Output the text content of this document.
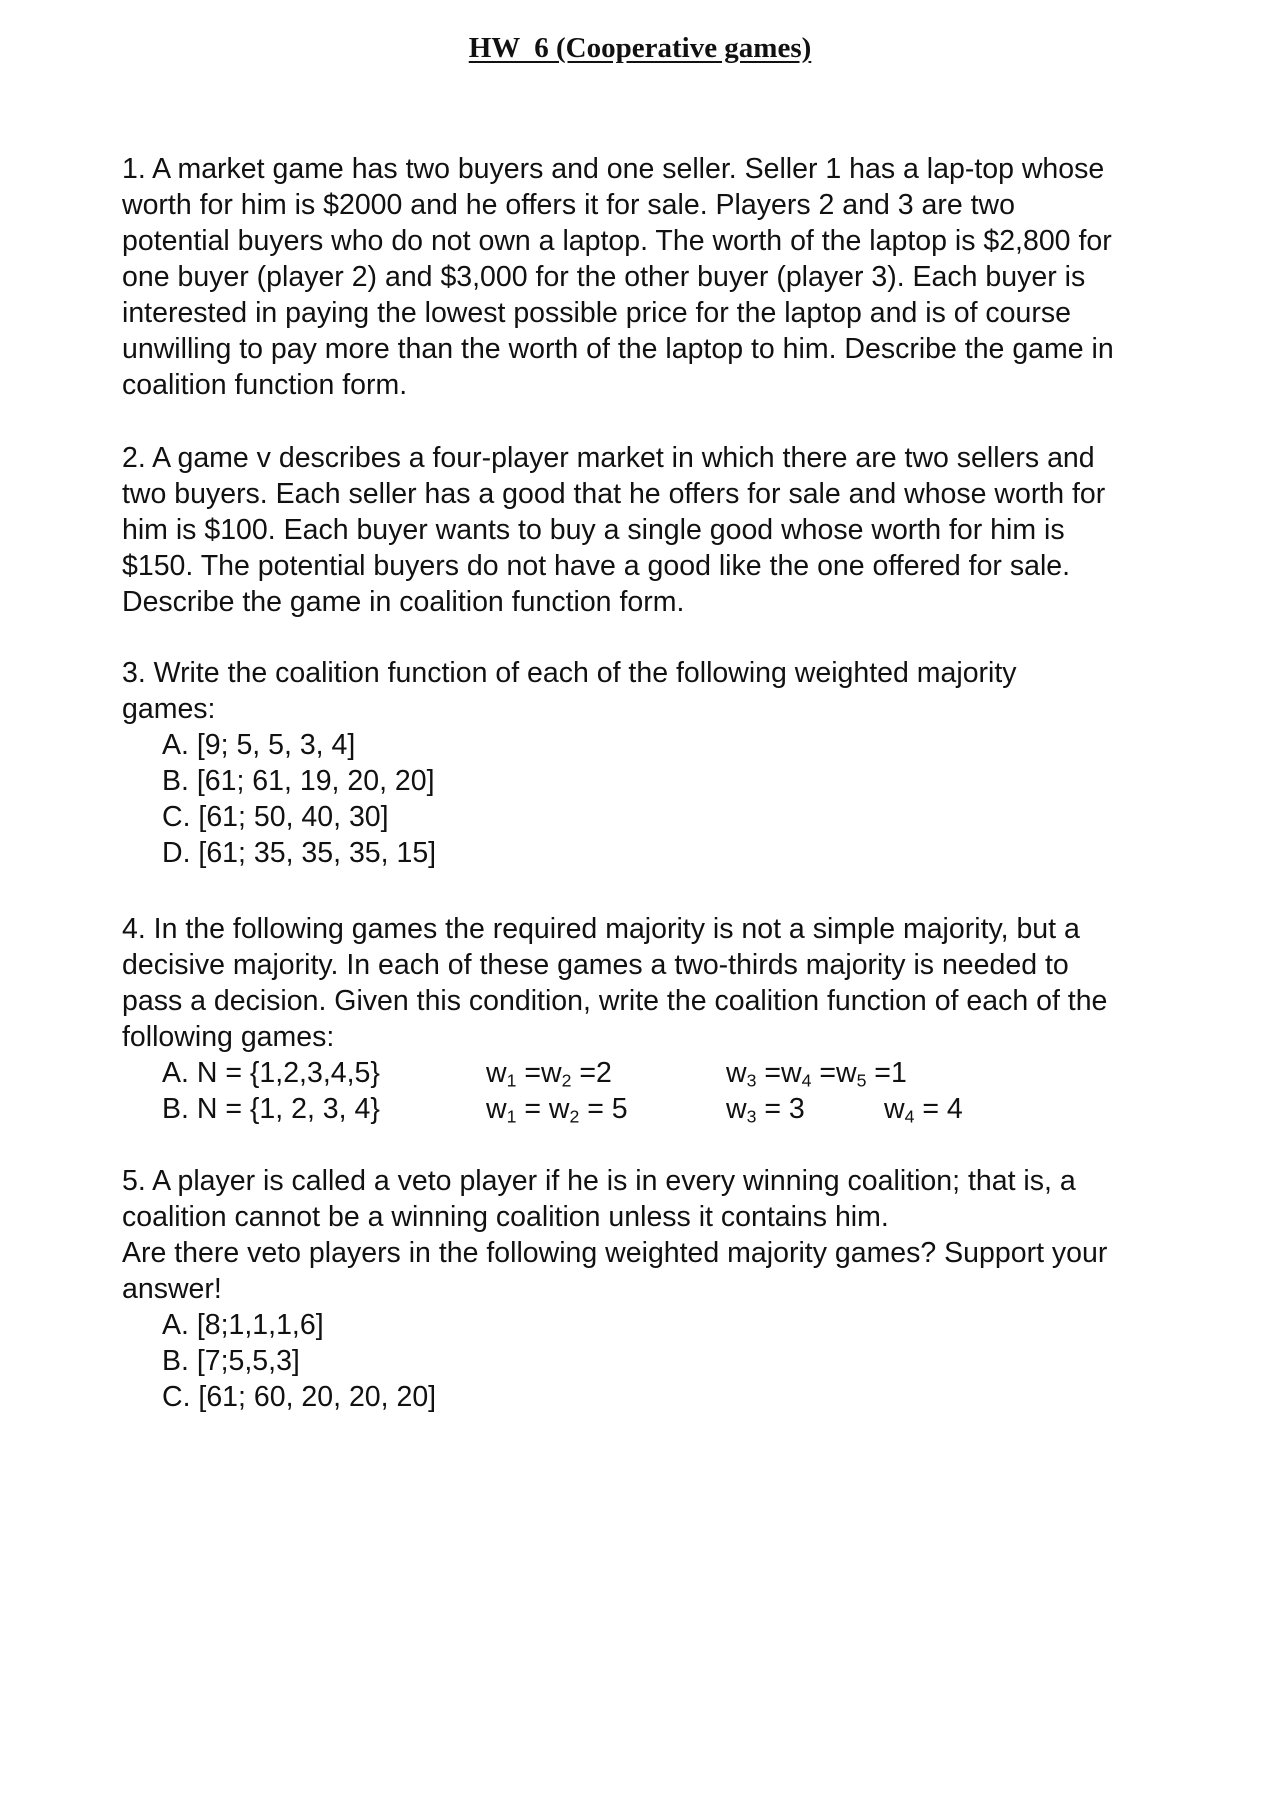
HW  6 (Cooperative games)
1. A market game has two buyers and one seller. Seller 1 has a lap-top whose
worth for him is $2000 and he offers it for sale. Players 2 and 3 are two
potential buyers who do not own a laptop. The worth of the laptop is $2,800 for
one buyer (player 2) and $3,000 for the other buyer (player 3). Each buyer is
interested in paying the lowest possible price for the laptop and is of course
unwilling to pay more than the worth of the laptop to him. Describe the game in
coalition function form.
2. A game v describes a four-player market in which there are two sellers and
two buyers. Each seller has a good that he offers for sale and whose worth for
him is $100. Each buyer wants to buy a single good whose worth for him is
$150. The potential buyers do not have a good like the one offered for sale.
Describe the game in coalition function form.
3. Write the coalition function of each of the following weighted majority
games:
A. [9; 5, 5, 3, 4]
B. [61; 61, 19, 20, 20]
C. [61; 50, 40, 30]
D. [61; 35, 35, 35, 15]
4. In the following games the required majority is not a simple majority, but a
decisive majority. In each of these games a two-thirds majority is needed to
pass a decision. Given this condition, write the coalition function of each of the
following games:
A. N = {1,2,3,4,5}	$w_1 =w_2 =2$	$w_3 =w_4 =w_5 =1$
B. N = {1, 2, 3, 4}	$w_1 = w_2 = 5$	$w_3 = 3$	$w_4 = 4$
5. A player is called a veto player if he is in every winning coalition; that is, a
coalition cannot be a winning coalition unless it contains him.
Are there veto players in the following weighted majority games? Support your
answer!
A. [8;1,1,1,6]
B. [7;5,5,3]
C. [61; 60, 20, 20, 20]
